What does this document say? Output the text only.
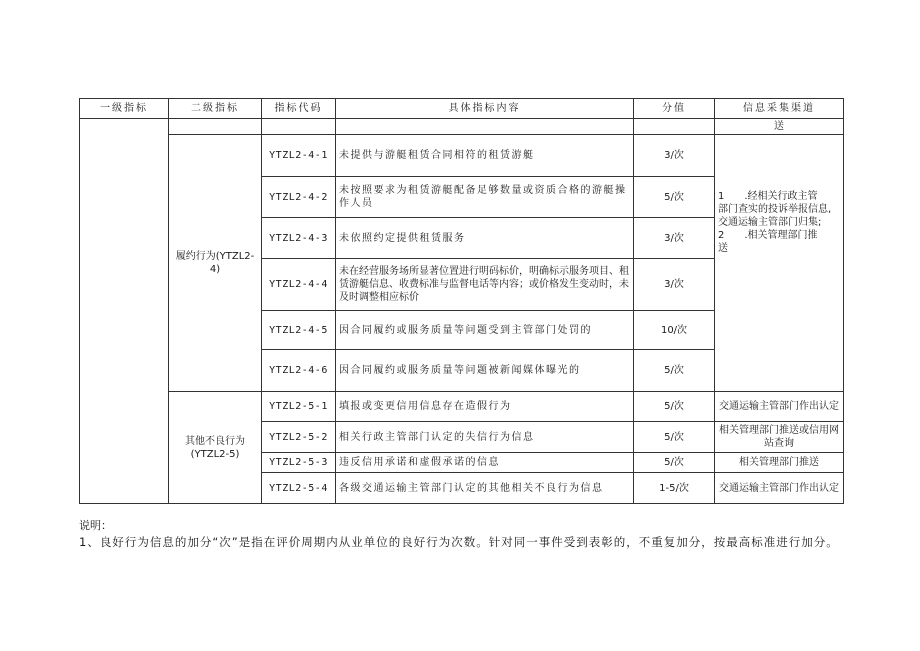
一级指标	二级指标	指标代码	具体指标内容	分值	信息采集渠道
					送
	履约行为(YTZL2-4)	YTZL2-4-1	未提供与游艇租赁合同相符的租赁游艇	3/次	1　　.经相关行政主管
部门查实的投诉举报信息,
交通运输主管部门归集;
2　　.相关管理部门推
送

		YTZL2-4-2	未按照要求为租赁游艇配备足够数量或资质合格的游艇操作人员	5/次	
		YTZL2-4-3	未依照约定提供租赁服务	3/次	
		YTZL2-4-4	未在经营服务场所显著位置进行明码标价，明确标示服务项目、租赁游艇信息、收费标准与监督电话等内容；或价格发生变动时，未及时调整相应标价	3/次	
		YTZL2-4-5	因合同履约或服务质量等问题受到主管部门处罚的	10/次	
		YTZL2-4-6	因合同履约或服务质量等问题被新闻媒体曝光的	5/次	
	其他不良行为(YTZL2-5)	YTZL2-5-1	填报或变更信用信息存在造假行为	5/次	交通运输主管部门作出认定
		YTZL2-5-2	相关行政主管部门认定的失信行为信息	5/次	相关管理部门推送或信用网站查询
		YTZL2-5-3	违反信用承诺和虚假承诺的信息	5/次	相关管理部门推送
		YTZL2-5-4	各级交通运输主管部门认定的其他相关不良行为信息	1-5/次	交通运输主管部门作出认定
说明：
1、良好行为信息的加分“次”是指在评价周期内从业单位的良好行为次数。针对同一事件受到表彰的，不重复加分，按最高标准进行加分。
